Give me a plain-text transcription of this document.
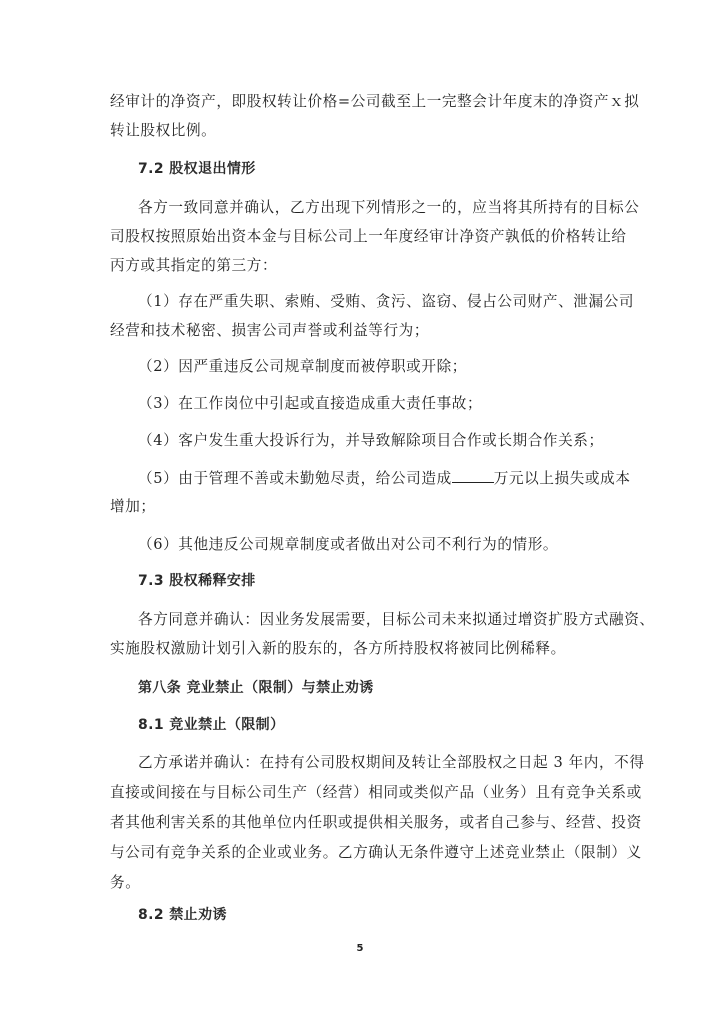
经审计的净资产，即股权转让价格=公司截至上一完整会计年度末的净资产ｘ拟
转让股权比例。
7.2 股权退出情形
各方一致同意并确认，乙方出现下列情形之一的，应当将其所持有的目标公
司股权按照原始出资本金与目标公司上一年度经审计净资产孰低的价格转让给
丙方或其指定的第三方：
（1）存在严重失职、索贿、受贿、贪污、盗窃、侵占公司财产、泄漏公司
经营和技术秘密、损害公司声誉或利益等行为；
（2）因严重违反公司规章制度而被停职或开除；
（3）在工作岗位中引起或直接造成重大责任事故；
（4）客户发生重大投诉行为，并导致解除项目合作或长期合作关系；
（5）由于管理不善或未勤勉尽责，给公司造成	万元以上损失或成本
增加；
（6）其他违反公司规章制度或者做出对公司不利行为的情形。
7.3 股权稀释安排
各方同意并确认：因业务发展需要，目标公司未来拟通过增资扩股方式融资、
实施股权激励计划引入新的股东的，各方所持股权将被同比例稀释。
第八条 竞业禁止（限制）与禁止劝诱
8.1 竞业禁止（限制）
乙方承诺并确认：在持有公司股权期间及转让全部股权之日起 3 年内，不得
直接或间接在与目标公司生产（经营）相同或类似产品（业务）且有竞争关系或
者其他利害关系的其他单位内任职或提供相关服务，或者自己参与、经营、投资
与公司有竞争关系的企业或业务。乙方确认无条件遵守上述竞业禁止（限制）义
务。
8.2 禁止劝诱
5
